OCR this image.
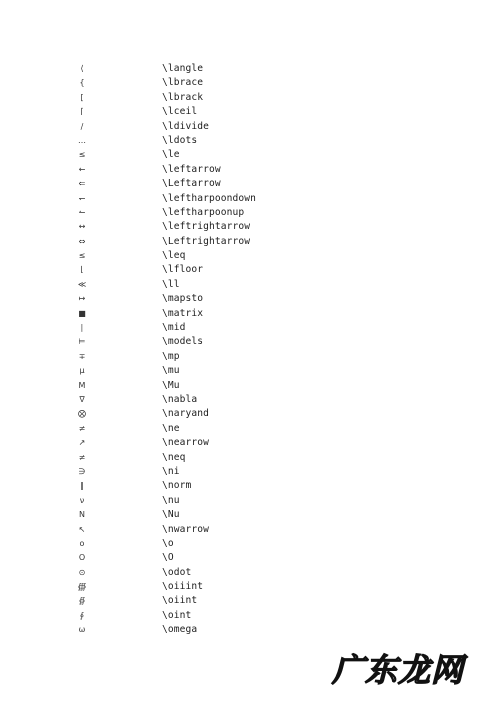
⟨	\langle
{	\lbrace
[	\lbrack
⌈	\lceil
∕	\ldivide
…	\ldots
≤	\le
←	\leftarrow
⇐	\Leftarrow
↽	\leftharpoondown
↼	\leftharpoonup
↔	\leftrightarrow
⇔	\Leftrightarrow
≤	\leq
⌊	\lfloor
≪	\ll
↦	\mapsto
■	\matrix
∣	\mid
⊨	\models
∓	\mp
μ	\mu
Μ	\Mu
∇	\nabla
⨂	\naryand
≠	\ne
↗	\nearrow
≠	\neq
∋	\ni
‖	\norm
ν	\nu
Ν	\Nu
↖	\nwarrow
ο	\o
Ο	\O
⊙	\odot
∰	\oiiint
∯	\oiint
∮	\oint
ω	\omega
广东龙网
